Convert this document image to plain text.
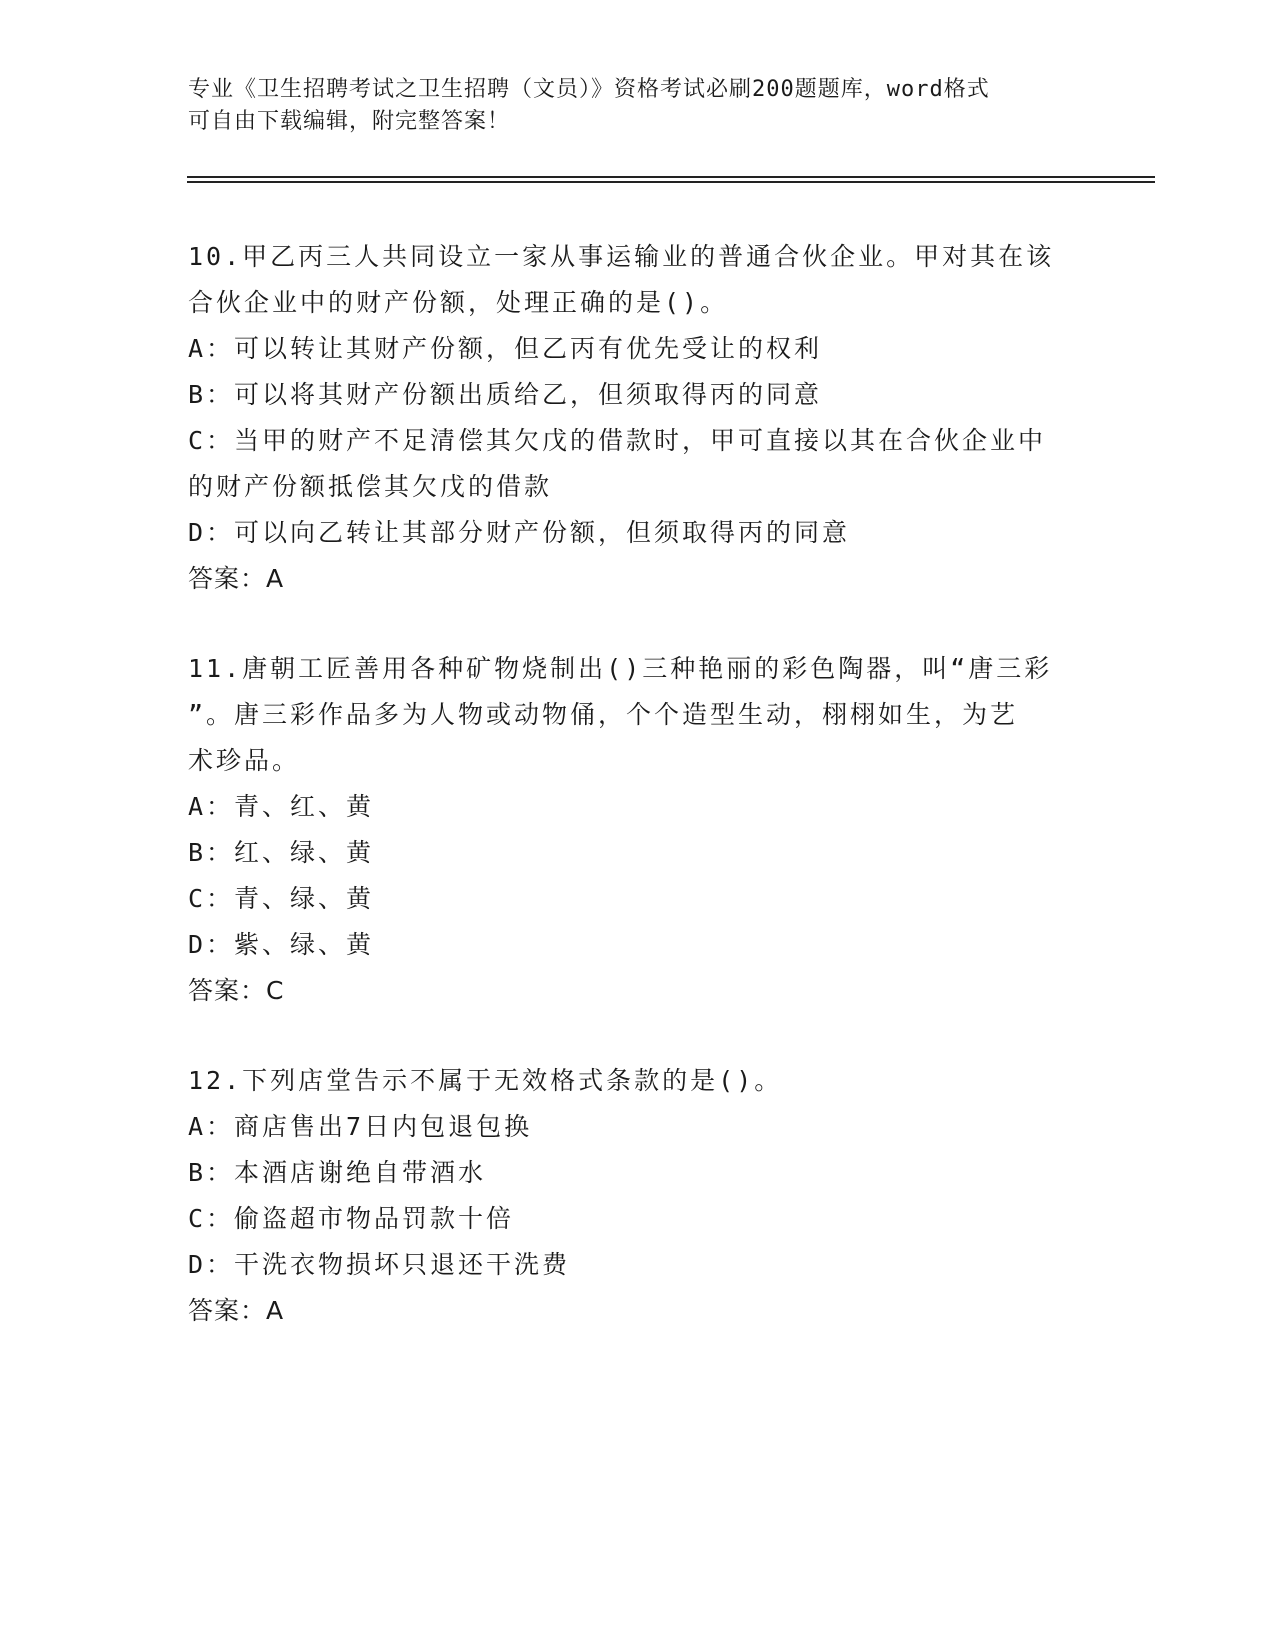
专业《卫生招聘考试之卫生招聘（文员）》资格考试必刷200题题库，word格式
可自由下载编辑，附完整答案！
10.甲乙丙三人共同设立一家从事运输业的普通合伙企业。甲对其在该
合伙企业中的财产份额，处理正确的是()。
A：可以转让其财产份额，但乙丙有优先受让的权利
B：可以将其财产份额出质给乙，但须取得丙的同意
C：当甲的财产不足清偿其欠戊的借款时，甲可直接以其在合伙企业中
的财产份额抵偿其欠戊的借款
D：可以向乙转让其部分财产份额，但须取得丙的同意
答案：A
11.唐朝工匠善用各种矿物烧制出()三种艳丽的彩色陶器，叫“唐三彩
”。唐三彩作品多为人物或动物俑，个个造型生动，栩栩如生，为艺
术珍品。
A：青、红、黄
B：红、绿、黄
C：青、绿、黄
D：紫、绿、黄
答案：C
12.下列店堂告示不属于无效格式条款的是()。
A：商店售出7日内包退包换
B：本酒店谢绝自带酒水
C：偷盗超市物品罚款十倍
D：干洗衣物损坏只退还干洗费
答案：A
